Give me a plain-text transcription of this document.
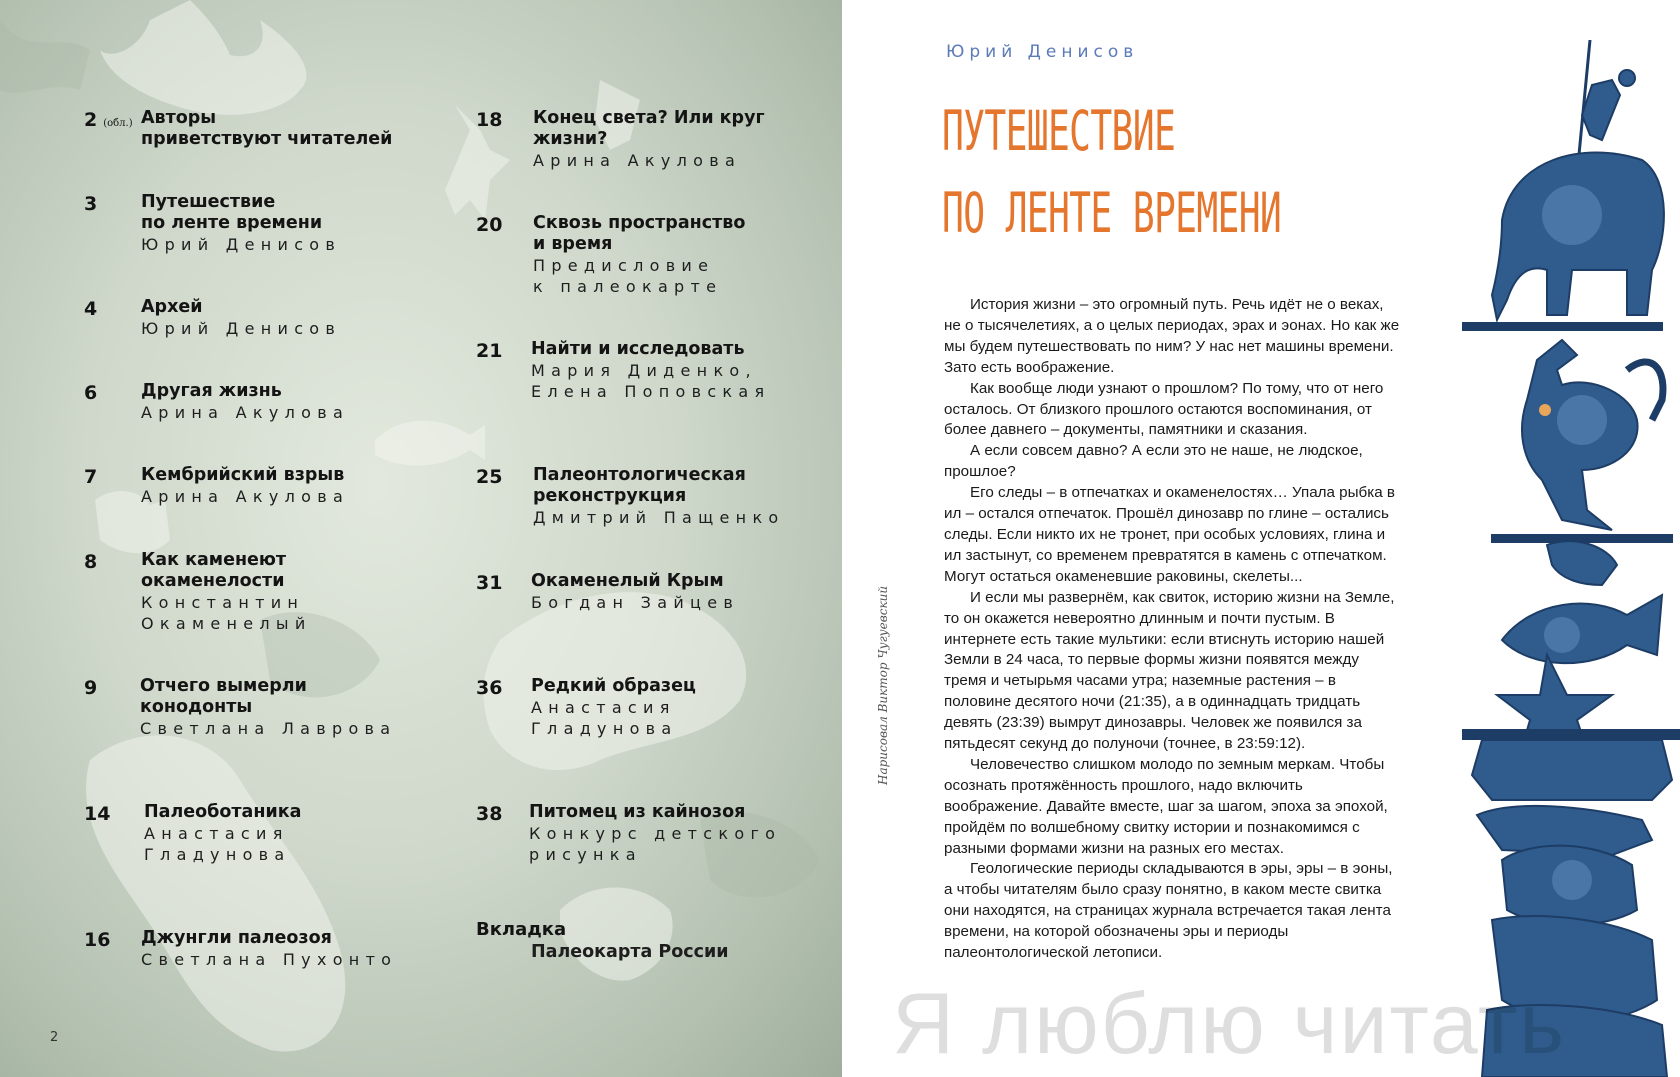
2 (обл.) Авторы
приветствуют читателей
3	Путешествие
по ленте времени
Юрий Денисов
4	Архей
Юрий Денисов
6	Другая жизнь
Арина Акулова
7	Кембрийский взрыв
Арина Акулова
8	Как каменеют
окаменелости
Константин
Окаменелый
9 Отчего вымерли
конодонты
Светлана Лаврова
14 Палеоботаника
Анастасия
Гладунова
16 Джунгли палеозоя
Светлана Пухонто
18 Конец света? Или круг
жизни?
Арина Акулова
20 Сквозь пространство
и время
Предисловие
к палеокарте
21 Найти и исследовать
Мария Диденко,
Елена Поповская
25 Палеонтологическая
реконструкция
Дмитрий Пащенко
31 Окаменелый Крым
Богдан Зайцев
36 Редкий образец
Анастасия
Гладунова
38 Питомец из кайнозоя
Конкурс детского
рисунка
Вкладка
Палеокарта России
2
Юрий Денисов
ПУТЕШЕСТВИЕ
ПО ЛЕНТЕ ВРЕМЕНИ

История жизни – это огромный путь. Речь идёт не о веках, не о тысячелетиях, а о целых периодах, эрах и эонах. Но как же мы будем путешествовать по ним? У нас нет машины времени. Зато есть воображение.

Как вообще люди узнают о прошлом? По тому, что от него осталось. От близкого прошлого остаются воспоминания, от более давнего – документы, памятники и сказания.

А если совсем давно? А если это не наше, не людское, прошлое?

Его следы – в отпечатках и окаменелостях… Упала рыбка в ил – остался отпечаток. Прошёл динозавр по глине – остались следы. Если никто их не тронет, при особых условиях, глина и ил застынут, со временем превратятся в камень с отпечатком. Могут остаться окаменевшие раковины, скелеты...

И если мы развернём, как свиток, историю жизни на Земле, то он окажется невероятно длинным и почти пустым. В интернете есть такие мультики: если втиснуть историю нашей Земли в 24 часа, то первые формы жизни появятся между тремя и четырьмя часами утра; наземные растения – в половине десятого ночи (21:35), а в одиннадцать тридцать девять (23:39) вымрут динозавры. Человек же появился за пятьдесят секунд до полуночи (точнее, в 23:59:12).

Человечество слишком молодо по земным меркам. Чтобы осознать протяжённость прошлого, надо включить воображение. Давайте вместе, шаг за шагом, эпоха за эпохой, пройдём по волшебному свитку истории и познакомимся с разными формами жизни на разных его местах.

Геологические периоды складываются в эры, эры – в эоны, а чтобы читателям было сразу понятно, в каком месте свитка они находятся, на страницах журнала встречается такая лента времени, на которой обозначены эры и периоды палеонтологической летописи.

Нарисовал Виктор Чугуевский
Я люблю читать
